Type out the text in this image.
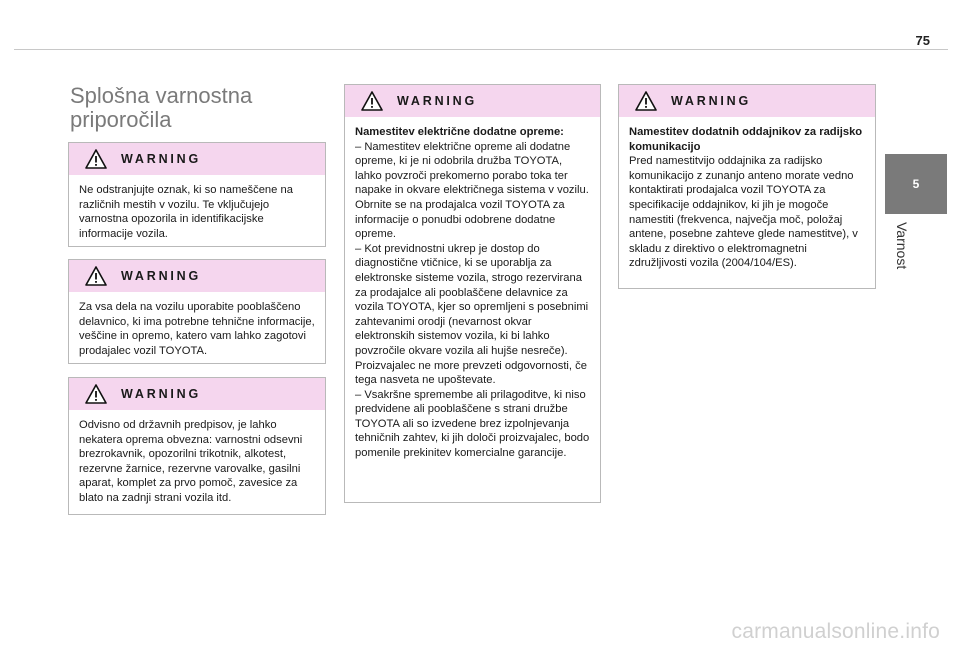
75
5
Varnost
Splošna varnostna
priporočila
WARNING

Ne odstranjujte oznak, ki so nameščene na različnih mestih v vozilu. Te vključujejo varnostna opozorila in identifikacijske informacije vozila.

WARNING

Za vsa dela na vozilu uporabite pooblaščeno delavnico, ki ima potrebne tehnične informacije, veščine in opremo, katero vam lahko zagotovi prodajalec vozil TOYOTA.

WARNING

Odvisno od državnih predpisov, je lahko nekatera oprema obvezna: varnostni odsevni brezrokavnik, opozorilni trikotnik, alkotest, rezervne žarnice, rezervne varovalke, gasilni aparat, komplet za prvo pomoč, zavesice za blato na zadnji strani vozila itd.

WARNING

Namestitev električne dodatne opreme:

– Namestitev električne opreme ali dodatne opreme, ki je ni odobrila družba TOYOTA, lahko povzroči prekomerno porabo toka ter napake in okvare električnega sistema v vozilu. Obrnite se na prodajalca vozil TOYOTA za informacije o ponudbi odobrene dodatne opreme.

– Kot previdnostni ukrep je dostop do diagnostične vtičnice, ki se uporablja za elektronske sisteme vozila, strogo rezervirana za prodajalce ali pooblaščene delavnice za vozila TOYOTA, kjer so opremljeni s posebnimi zahtevanimi orodji (nevarnost okvar elektronskih sistemov vozila, ki bi lahko povzročile okvare vozila ali hujše nesreče). Proizvajalec ne more prevzeti odgovornosti, če tega nasveta ne upoštevate.

– Vsakršne spremembe ali prilagoditve, ki niso predvidene ali pooblaščene s strani družbe TOYOTA ali so izvedene brez izpolnjevanja tehničnih zahtev, ki jih določi proizvajalec, bodo pomenile prekinitev komercialne garancije.

WARNING

Namestitev dodatnih oddajnikov za radijsko komunikacijo

Pred namestitvijo oddajnika za radijsko komunikacijo z zunanjo anteno morate vedno kontaktirati prodajalca vozil TOYOTA za specifikacije oddajnikov, ki jih je mogoče namestiti (frekvenca, največja moč, položaj antene, posebne zahteve glede namestitve), v skladu z direktivo o elektromagnetni združljivosti vozila (2004/104/ES).

carmanualsonline.info
